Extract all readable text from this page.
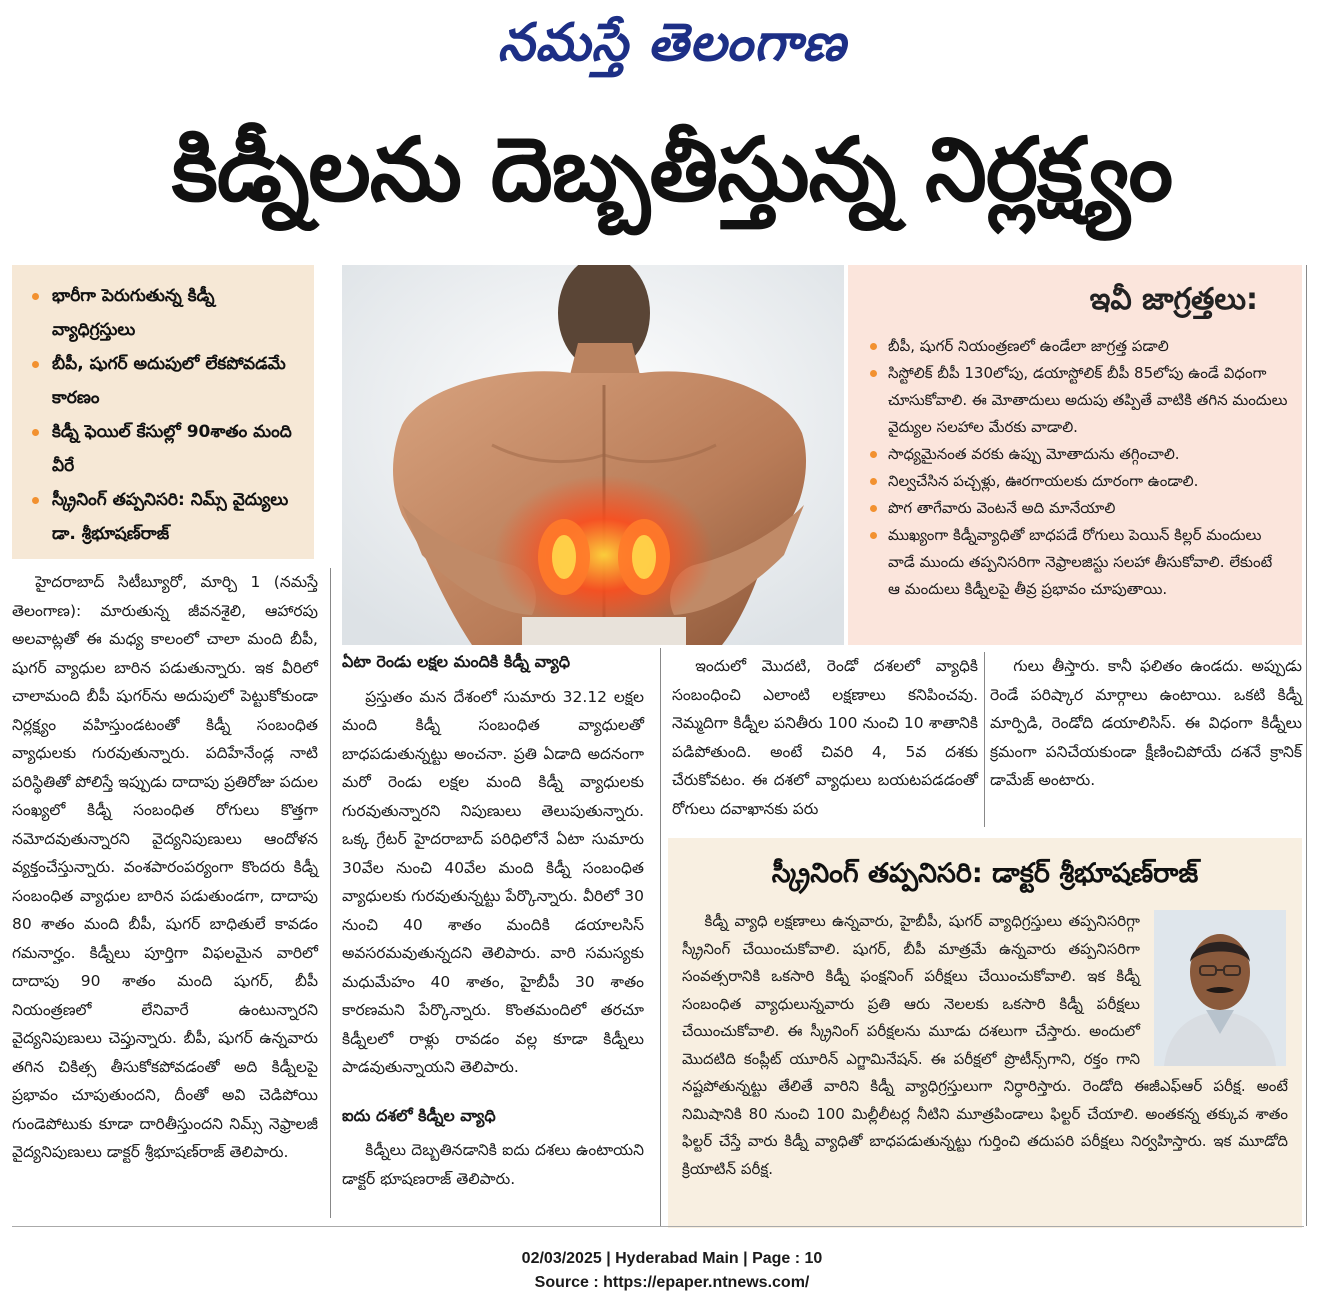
నమస్తే తెలంగాణ
కిడ్నీలను దెబ్బతీస్తున్న నిర్లక్ష్యం
భారీగా పెరుగుతున్న కిడ్నీ వ్యాధిగ్రస్తులు
బీపీ, షుగర్ అదుపులో లేకపోవడమే కారణం
కిడ్నీ ఫెయిల్ కేసుల్లో 90శాతం మంది వీరే
స్క్రీనింగ్ తప్పనిసరి: నిమ్స్ వైద్యులు డా. శ్రీభూషణ్‌రాజ్
ఇవీ జాగ్రత్తలు:
బీపీ, షుగర్ నియంత్రణలో ఉండేలా జాగ్రత్త పడాలి
సిస్టోలిక్ బీపీ 130లోపు, డయాస్టోలిక్ బీపీ 85లోపు ఉండే విధంగా చూసుకోవాలి. ఈ మోతాదులు అదుపు తప్పితే వాటికి తగిన మందులు వైద్యుల సలహాల మేరకు వాడాలి.
సాధ్యమైనంత వరకు ఉప్పు మోతాదును తగ్గించాలి.
నిల్వచేసిన పచ్చళ్లు, ఊరగాయలకు దూరంగా ఉండాలి.
పొగ తాగేవారు వెంటనే అది మానేయాలి
ముఖ్యంగా కిడ్నీవ్యాధితో బాధపడే రోగులు పెయిన్ కిల్లర్ మందులు వాడే ముందు తప్పనిసరిగా నెఫ్రాలజిస్టు సలహా తీసుకోవాలి. లేకుంటే ఆ మందులు కిడ్నీలపై తీవ్ర ప్రభావం చూపుతాయి.

హైదరాబాద్ సిటీబ్యూరో, మార్చి 1 (నమస్తే తెలంగాణ): మారుతున్న జీవనశైలి, ఆహారపు అలవాట్లతో ఈ మధ్య కాలంలో చాలా మంది బీపీ, షుగర్ వ్యాధుల బారిన పడుతున్నారు. ఇక వీరిలో చాలామంది బీపీ షుగర్‌ను అదుపులో పెట్టుకోకుండా నిర్లక్ష్యం వహిస్తుండటంతో కిడ్నీ సంబంధిత వ్యాధులకు గురవుతున్నారు. పదిహేనేండ్ల నాటి పరిస్థితితో పోలిస్తే ఇప్పుడు దాదాపు ప్రతిరోజు పదుల సంఖ్యలో కిడ్నీ సంబంధిత రోగులు కొత్తగా నమోదవుతున్నారని వైద్యనిపుణులు ఆందోళన వ్యక్తంచేస్తున్నారు. వంశపారంపర్యంగా కొందరు కిడ్నీ సంబంధిత వ్యాధుల బారిన పడుతుండగా, దాదాపు 80 శాతం మంది బీపీ, షుగర్ బాధితులే కావడం గమనార్హం. కిడ్నీలు పూర్తిగా విఫలమైన వారిలో దాదాపు 90 శాతం మంది షుగర్, బీపీ నియంత్రణలో లేనివారే ఉంటున్నారని వైద్యనిపుణులు చెప్తున్నారు. బీపీ, షుగర్ ఉన్నవారు తగిన చికిత్స తీసుకోకపోవడంతో అది కిడ్నీలపై ప్రభావం చూపుతుందని, దీంతో అవి చెడిపోయి గుండెపోటుకు కూడా దారితీస్తుందని నిమ్స్ నెఫ్రాలజీ వైద్యనిపుణులు డాక్టర్ శ్రీభూషణ్‌రాజ్ తెలిపారు.

ఏటా రెండు లక్షల మందికి కిడ్నీ వ్యాధి

ప్రస్తుతం మన దేశంలో సుమారు 32.12 లక్షల మంది కిడ్నీ సంబంధిత వ్యాధులతో బాధపడుతున్నట్టు అంచనా. ప్రతి ఏడాది అదనంగా మరో రెండు లక్షల మంది కిడ్నీ వ్యాధులకు గురవుతున్నారని నిపుణులు తెలుపుతున్నారు. ఒక్క గ్రేటర్ హైదరాబాద్ పరిధిలోనే ఏటా సుమారు 30వేల నుంచి 40వేల మంది కిడ్నీ సంబంధిత వ్యాధులకు గురవుతున్నట్టు పేర్కొన్నారు. వీరిలో 30 నుంచి 40 శాతం మందికి డయాలసిస్ అవసరమవుతున్నదని తెలిపారు. వారి సమస్యకు మధుమేహం 40 శాతం, హైబీపీ 30 శాతం కారణమని పేర్కొన్నారు. కొంతమందిలో తరచూ కిడ్నీలలో రాళ్లు రావడం వల్ల కూడా కిడ్నీలు పాడవుతున్నాయని తెలిపారు.

ఐదు దశలో కిడ్నీల వ్యాధి

కిడ్నీలు దెబ్బతినడానికి ఐదు దశలు ఉంటాయని డాక్టర్ భూషణరాజ్ తెలిపారు.

ఇందులో మొదటి, రెండో దశలలో వ్యాధికి సంబంధించి ఎలాంటి లక్షణాలు కనిపించవు. నెమ్మదిగా కిడ్నీల పనితీరు 100 నుంచి 10 శాతానికి పడిపోతుంది. అంటే చివరి 4, 5వ దశకు చేరుకోవటం. ఈ దశలో వ్యాధులు బయటపడడంతో రోగులు దవాఖానకు పరు

గులు తీస్తారు. కానీ ఫలితం ఉండదు. అప్పుడు రెండే పరిష్కార మార్గాలు ఉంటాయి. ఒకటి కిడ్నీ మార్పిడి, రెండోది డయాలిసిస్. ఈ విధంగా కిడ్నీలు క్రమంగా పనిచేయకుండా క్షీణించిపోయే దశనే క్రానిక్ డామేజ్ అంటారు.

స్క్రీనింగ్ తప్పనిసరి: డాక్టర్ శ్రీభూషణ్‌రాజ్

కిడ్నీ వ్యాధి లక్షణాలు ఉన్నవారు, హైబీపీ, షుగర్ వ్యాధిగ్రస్తులు తప్పనిసరిగ్గా స్క్రీనింగ్ చేయించుకోవాలి. షుగర్, బీపీ మాత్రమే ఉన్నవారు తప్పనిసరిగా సంవత్సరానికి ఒకసారి కిడ్నీ ఫంక్షనింగ్ పరీక్షలు చేయించుకోవాలి. ఇక కిడ్నీ సంబంధిత వ్యాధులున్నవారు ప్రతి ఆరు నెలలకు ఒకసారి కిడ్నీ పరీక్షలు చేయించుకోవాలి. ఈ స్క్రీనింగ్ పరీక్షలను మూడు దశలుగా చేస్తారు. అందులో మొదటిది కంప్లీట్ యూరిన్ ఎగ్జామినేషన్. ఈ పరీక్షలో ప్రొటీన్స్‌గాని, రక్తం గాని నష్టపోతున్నట్టు తేలితే వారిని కిడ్నీ వ్యాధిగ్రస్తులుగా నిర్ధారిస్తారు. రెండోది ఈజీఎఫ్ఆర్ పరీక్ష. అంటే నిమిషానికి 80 నుంచి 100 మిల్లీలీటర్ల నీటిని మూత్రపిండాలు ఫిల్టర్ చేయాలి. అంతకన్న తక్కువ శాతం ఫిల్టర్ చేస్తే వారు కిడ్నీ వ్యాధితో బాధపడుతున్నట్టు గుర్తించి తదుపరి పరీక్షలు నిర్వహిస్తారు. ఇక మూడోది క్రియాటిన్ పరీక్ష.

02/03/2025 | Hyderabad Main | Page : 10
Source : https://epaper.ntnews.com/
